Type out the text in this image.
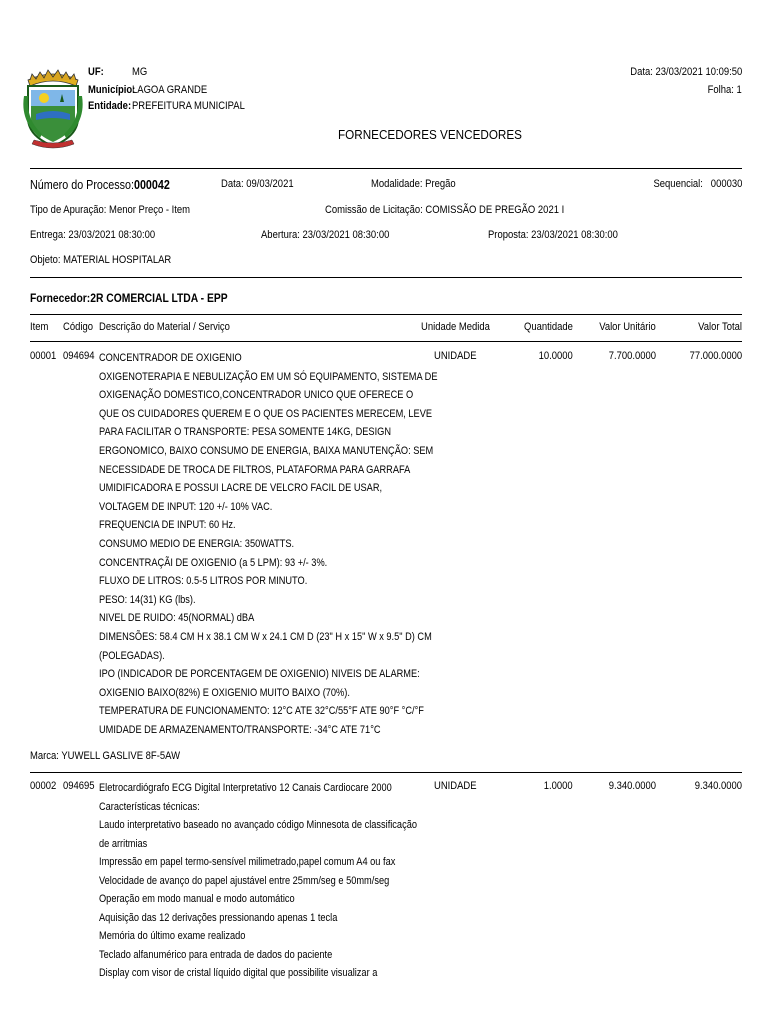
UF:	MG
Município:
LAGOA GRANDE
Entidade: PREFEITURA MUNICIPAL
Data: 23/03/2021 10:09:50
Folha: 1
FORNECEDORES VENCEDORES
Número do Processo:000042	Data: 09/03/2021	Modalidade: Pregão	Sequencial: 000030
Tipo de Apuração: Menor Preço - Item	Comissão de Licitação: COMISSÃO DE PREGÃO 2021 I
Entrega: 23/03/2021 08:30:00	Abertura: 23/03/2021 08:30:00	Proposta: 23/03/2021 08:30:00
Objeto: MATERIAL HOSPITALAR
Fornecedor:2R COMERCIAL LTDA - EPP
Item Código Descrição do Material / Serviço	Unidade Medida	Quantidade Valor Unitário	Valor Total
00001 094694	UNIDADE	10.0000	7.700.0000	77.000.0000
CONCENTRADOR DE OXIGENIO
OXIGENOTERAPIA E NEBULIZAÇÃO EM UM SÓ EQUIPAMENTO, SISTEMA DE
OXIGENAÇÃO DOMESTICO,CONCENTRADOR UNICO QUE OFERECE O
QUE OS CUIDADORES QUEREM E O QUE OS PACIENTES MERECEM, LEVE
PARA FACILITAR O TRANSPORTE: PESA SOMENTE 14KG, DESIGN
ERGONOMICO, BAIXO CONSUMO DE ENERGIA, BAIXA MANUTENÇÃO: SEM
NECESSIDADE DE TROCA DE FILTROS, PLATAFORMA PARA GARRAFA
UMIDIFICADORA E POSSUI LACRE DE VELCRO FACIL DE USAR,
VOLTAGEM DE INPUT: 120 +/- 10% VAC.
FREQUENCIA DE INPUT: 60 Hz.
CONSUMO MEDIO DE ENERGIA: 350WATTS.
CONCENTRAÇÃI DE OXIGENIO (a 5 LPM): 93 +/- 3%.
FLUXO DE LITROS: 0.5-5 LITROS POR MINUTO.
PESO: 14(31) KG (lbs).
NIVEL DE RUIDO: 45(NORMAL) dBA
DIMENSÕES: 58.4 CM H x 38.1 CM W x 24.1 CM D (23" H x 15" W x 9.5" D) CM
(POLEGADAS).
IPO (INDICADOR DE PORCENTAGEM DE OXIGENIO) NIVEIS DE ALARME:
OXIGENIO BAIXO(82%) E OXIGENIO MUITO BAIXO (70%).
TEMPERATURA DE FUNCIONAMENTO: 12°C ATE 32°C/55°F ATE 90°F °C/°F
UMIDADE DE ARMAZENAMENTO/TRANSPORTE: -34°C ATE 71°C
Marca: YUWELL GASLIVE 8F-5AW
00002 094695	UNIDADE	1.0000	9.340.0000	9.340.0000
Eletrocardiógrafo ECG Digital Interpretativo 12 Canais Cardiocare 2000
Características técnicas:
Laudo interpretativo baseado no avançado código Minnesota de classificação
de arritmias
Impressão em papel termo-sensível milimetrado,papel comum A4 ou fax
Velocidade de avanço do papel ajustável entre 25mm/seg e 50mm/seg
Operação em modo manual e modo automático
Aquisição das 12 derivações pressionando apenas 1 tecla
Memória do último exame realizado
Teclado alfanumérico para entrada de dados do paciente
Display com visor de cristal líquido digital que possibilite visualizar a
